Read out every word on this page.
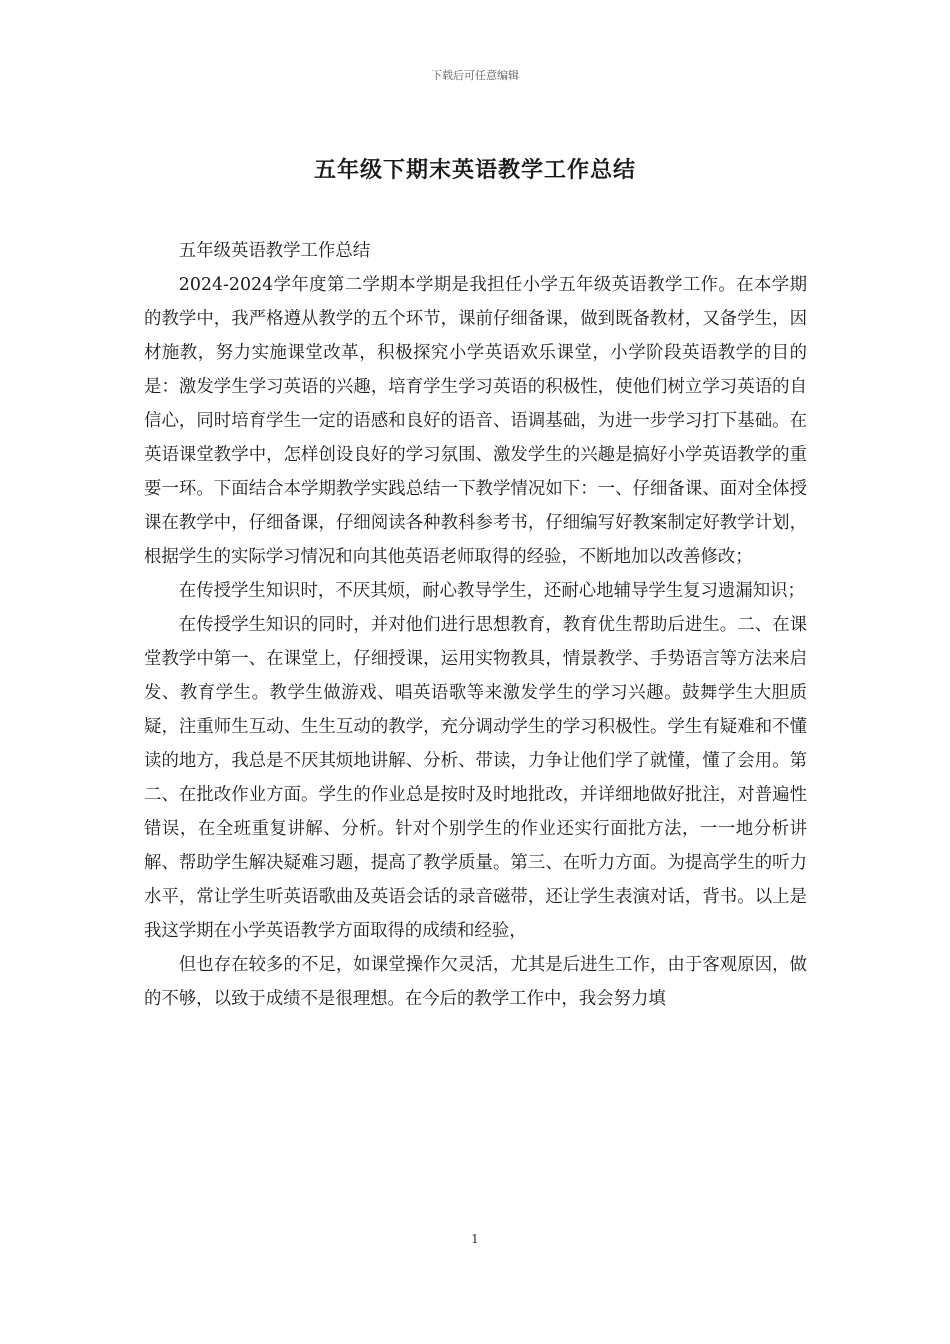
下载后可任意编辑
五年级下期末英语教学工作总结

五年级英语教学工作总结

2024-2024学年度第二学期本学期是我担任小学五年级英语教学工作。在本学期的教学中，我严格遵从教学的五个环节，课前仔细备课，做到既备教材，又备学生，因材施教，努力实施课堂改革，积极探究小学英语欢乐课堂，小学阶段英语教学的目的是：激发学生学习英语的兴趣，培育学生学习英语的积极性，使他们树立学习英语的自信心，同时培育学生一定的语感和良好的语音、语调基础，为进一步学习打下基础。在英语课堂教学中，怎样创设良好的学习氛围、激发学生的兴趣是搞好小学英语教学的重要一环。下面结合本学期教学实践总结一下教学情况如下：一、仔细备课、面对全体授课在教学中，仔细备课，仔细阅读各种教科参考书，仔细编写好教案制定好教学计划，根据学生的实际学习情况和向其他英语老师取得的经验，不断地加以改善修改；

在传授学生知识时，不厌其烦，耐心教导学生，还耐心地辅导学生复习遗漏知识；

在传授学生知识的同时，并对他们进行思想教育，教育优生帮助后进生。二、在课堂教学中第一、在课堂上，仔细授课，运用实物教具，情景教学、手势语言等方法来启发、教育学生。教学生做游戏、唱英语歌等来激发学生的学习兴趣。鼓舞学生大胆质疑，注重师生互动、生生互动的教学，充分调动学生的学习积极性。学生有疑难和不懂读的地方，我总是不厌其烦地讲解、分析、带读，力争让他们学了就懂，懂了会用。第二、在批改作业方面。学生的作业总是按时及时地批改，并详细地做好批注，对普遍性错误，在全班重复讲解、分析。针对个别学生的作业还实行面批方法，一一地分析讲解、帮助学生解决疑难习题，提高了教学质量。第三、在听力方面。为提高学生的听力水平，常让学生听英语歌曲及英语会话的录音磁带，还让学生表演对话，背书。以上是我这学期在小学英语教学方面取得的成绩和经验，

但也存在较多的不足，如课堂操作欠灵活，尤其是后进生工作，由于客观原因，做的不够，以致于成绩不是很理想。在今后的教学工作中，我会努力填

1
